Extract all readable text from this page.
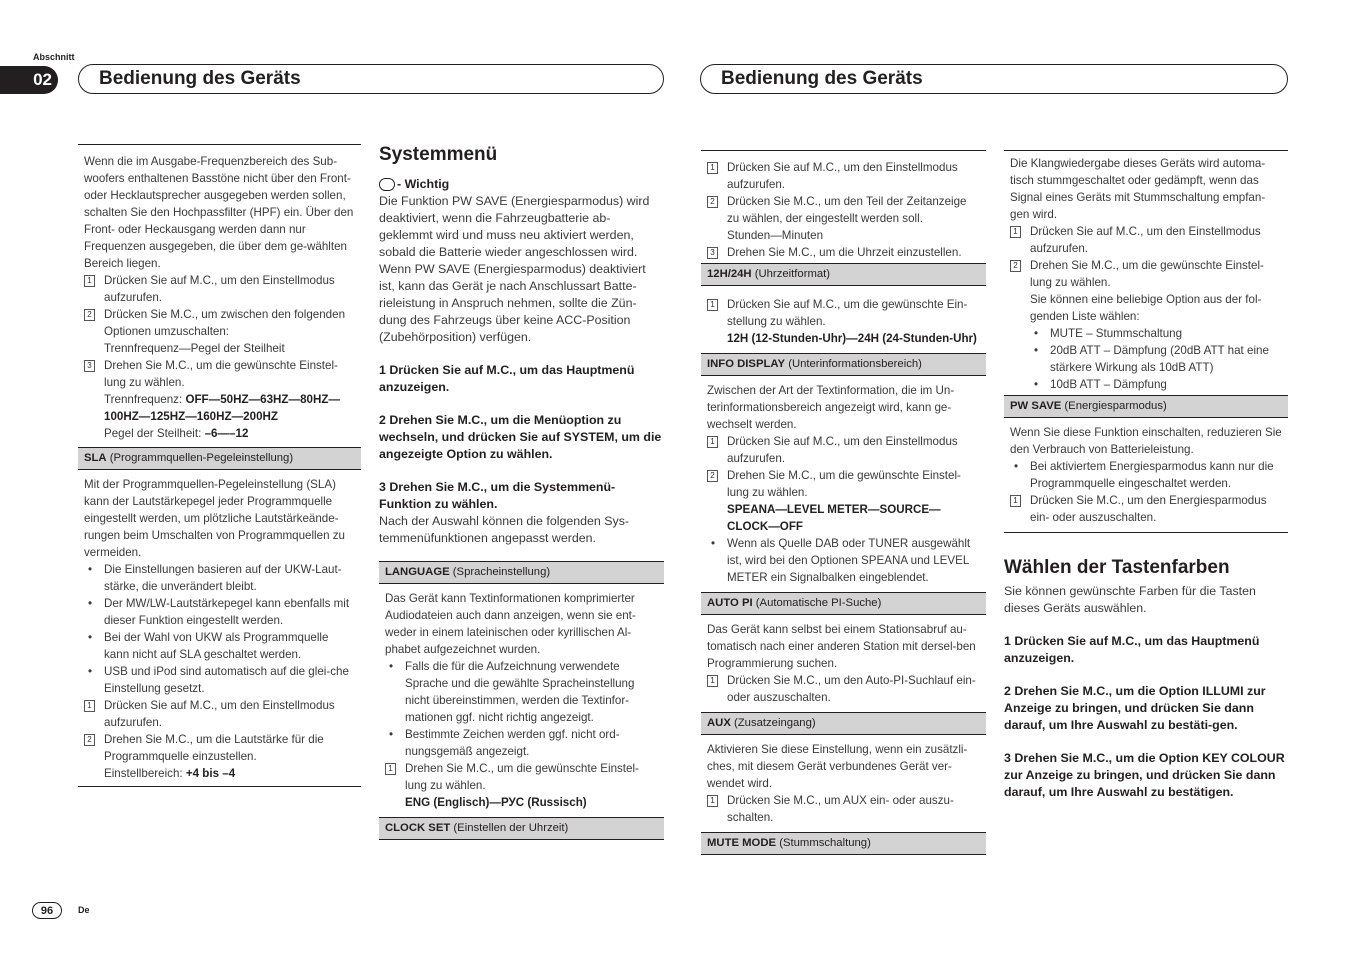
Abschnitt
02	Bedienung des Geräts	Bedienung des Geräts

Wenn die im Ausgabe-Frequenzbereich des Sub-woofers enthaltenen Basstöne nicht über den Front- oder Hecklautsprecher ausgegeben werden sollen, schalten Sie den Hochpassfilter (HPF) ein. Über den Front- oder Heckausgang werden dann nur Frequenzen ausgegeben, die über dem ge-wählten Bereich liegen.

1 Drücken Sie auf M.C., um den Einstellmodus aufzurufen.
2 Drücken Sie M.C., um zwischen den folgenden Optionen umzuschalten:
Trennfrequenz—Pegel der Steilheit
3 Drehen Sie M.C., um die gewünschte Einstel-lung zu wählen.
Trennfrequenz: OFF—50HZ—63HZ—80HZ—100HZ—125HZ—160HZ—200HZ
Pegel der Steilheit: –6—–12
SLA (Programmquellen-Pegeleinstellung)

Mit der Programmquellen-Pegeleinstellung (SLA) kann der Lautstärkepegel jeder Programmquelle eingestellt werden, um plötzliche Lautstärkeände-rungen beim Umschalten von Programmquellen zu vermeiden.

• Die Einstellungen basieren auf der UKW-Laut-stärke, die unverändert bleibt.
• Der MW/LW-Lautstärkepegel kann ebenfalls mit dieser Funktion eingestellt werden.
• Bei der Wahl von UKW als Programmquelle kann nicht auf SLA geschaltet werden.
• USB und iPod sind automatisch auf die glei-che Einstellung gesetzt.
1 Drücken Sie auf M.C., um den Einstellmodus aufzurufen.
2 Drehen Sie M.C., um die Lautstärke für die Programmquelle einzustellen.
Einstellbereich: +4 bis –4
Systemmenü
- Wichtig

Die Funktion PW SAVE (Energiesparmodus) wird deaktiviert, wenn die Fahrzeugbatterie ab-geklemmt wird und muss neu aktiviert werden, sobald die Batterie wieder angeschlossen wird. Wenn PW SAVE (Energiesparmodus) deaktiviert ist, kann das Gerät je nach Anschlussart Batte-rieleistung in Anspruch nehmen, sollte die Zün-dung des Fahrzeugs über keine ACC-Position (Zubehörposition) verfügen.

1 Drücken Sie auf M.C., um das Hauptmenü anzuzeigen.
2 Drehen Sie M.C., um die Menüoption zu wechseln, und drücken Sie auf SYSTEM, um die angezeigte Option zu wählen.
3 Drehen Sie M.C., um die Systemmenü-Funktion zu wählen.

Nach der Auswahl können die folgenden Sys-temmenüfunktionen angepasst werden.

LANGUAGE (Spracheinstellung)

Das Gerät kann Textinformationen komprimierter Audiodateien auch dann anzeigen, wenn sie ent-weder in einem lateinischen oder kyrillischen Al-phabet aufgezeichnet wurden.

• Falls die für die Aufzeichnung verwendete Sprache und die gewählte Spracheinstellung nicht übereinstimmen, werden die Textinfor-mationen ggf. nicht richtig angezeigt.
• Bestimmte Zeichen werden ggf. nicht ord-nungsgemäß angezeigt.
1 Drehen Sie M.C., um die gewünschte Einstel-lung zu wählen.
ENG (Englisch)—РУС (Russisch)
CLOCK SET (Einstellen der Uhrzeit)
1 Drücken Sie auf M.C., um den Einstellmodus aufzurufen.
2 Drücken Sie M.C., um den Teil der Zeitanzeige zu wählen, der eingestellt werden soll.
Stunden—Minuten
3 Drehen Sie M.C., um die Uhrzeit einzustellen.
12H/24H (Uhrzeitformat)
1 Drücken Sie auf M.C., um die gewünschte Ein-stellung zu wählen.
12H (12-Stunden-Uhr)—24H (24-Stunden-Uhr)
INFO DISPLAY (Unterinformationsbereich)

Zwischen der Art der Textinformation, die im Un-terinformationsbereich angezeigt wird, kann ge-wechselt werden.

1 Drücken Sie auf M.C., um den Einstellmodus aufzurufen.
2 Drehen Sie M.C., um die gewünschte Einstel-lung zu wählen.
SPEANA—LEVEL METER—SOURCE—CLOCK—OFF
• Wenn als Quelle DAB oder TUNER ausgewählt ist, wird bei den Optionen SPEANA und LEVEL METER ein Signalbalken eingeblendet.
AUTO PI (Automatische PI-Suche)

Das Gerät kann selbst bei einem Stationsabruf au-tomatisch nach einer anderen Station mit dersel-ben Programmierung suchen.

1 Drücken Sie M.C., um den Auto-PI-Suchlauf ein- oder auszuschalten.
AUX (Zusatzeingang)

Aktivieren Sie diese Einstellung, wenn ein zusätzli-ches, mit diesem Gerät verbundenes Gerät ver-wendet wird.

1 Drücken Sie M.C., um AUX ein- oder auszu-schalten.
MUTE MODE (Stummschaltung)

Die Klangwiedergabe dieses Geräts wird automa-tisch stummgeschaltet oder gedämpft, wenn das Signal eines Geräts mit Stummschaltung empfan-gen wird.

1 Drücken Sie auf M.C., um den Einstellmodus aufzurufen.
2 Drehen Sie M.C., um die gewünschte Einstel-lung zu wählen.
Sie können eine beliebige Option aus der fol-genden Liste wählen:
• MUTE – Stummschaltung
• 20dB ATT – Dämpfung (20dB ATT hat eine stärkere Wirkung als 10dB ATT)
• 10dB ATT – Dämpfung
PW SAVE (Energiesparmodus)

Wenn Sie diese Funktion einschalten, reduzieren Sie den Verbrauch von Batterieleistung.

• Bei aktiviertem Energiesparmodus kann nur die Programmquelle eingeschaltet werden.
1 Drücken Sie M.C., um den Energiesparmodus ein- oder auszuschalten.
Wählen der Tastenfarben

Sie können gewünschte Farben für die Tasten dieses Geräts auswählen.

1 Drücken Sie auf M.C., um das Hauptmenü anzuzeigen.
2 Drehen Sie M.C., um die Option ILLUMI zur Anzeige zu bringen, und drücken Sie dann darauf, um Ihre Auswahl zu bestäti-gen.
3 Drehen Sie M.C., um die Option KEY COLOUR zur Anzeige zu bringen, und drücken Sie dann darauf, um Ihre Auswahl zu bestätigen.
96	De
